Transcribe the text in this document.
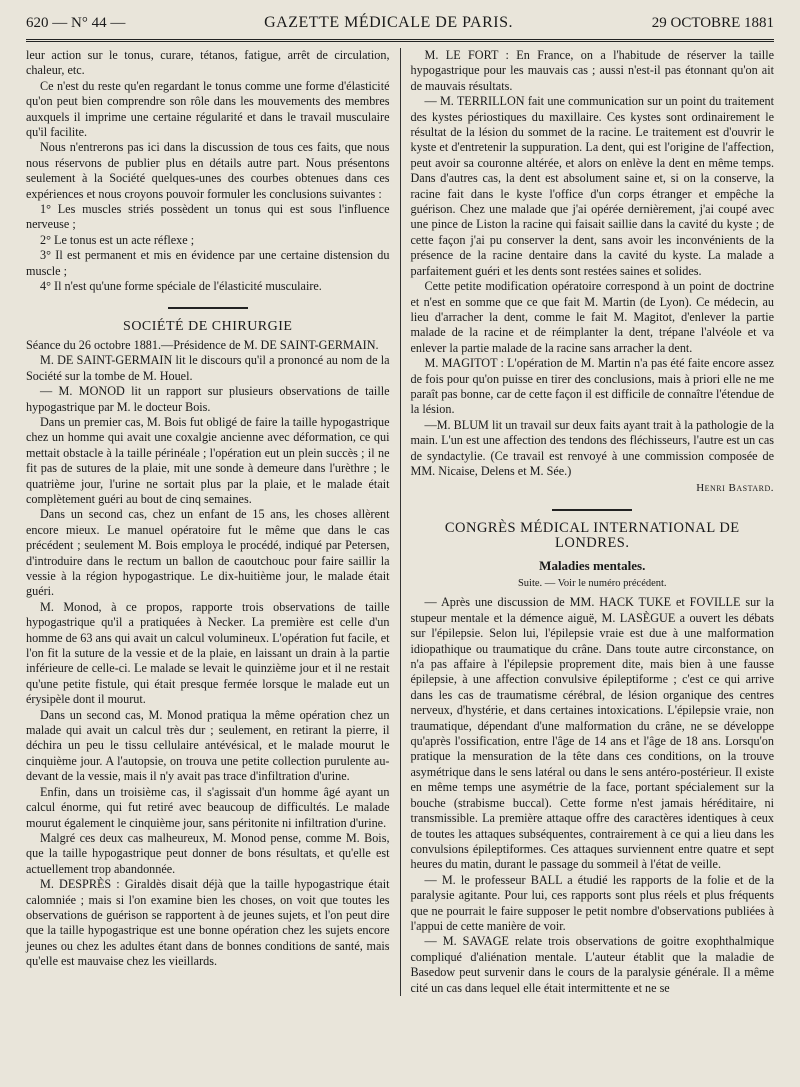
620 — N° 44 —	GAZETTE MÉDICALE DE PARIS.	29 OCTOBRE 1881

leur action sur le tonus, curare, tétanos, fatigue, arrêt de circulation, chaleur, etc.

Ce n'est du reste qu'en regardant le tonus comme une forme d'élasticité qu'on peut bien comprendre son rôle dans les mouvements des membres auxquels il imprime une certaine régularité et dans le travail musculaire qu'il facilite.

Nous n'entrerons pas ici dans la discussion de tous ces faits, que nous nous réservons de publier plus en détails autre part. Nous présentons seulement à la Société quelques-unes des courbes obtenues dans ces expériences et nous croyons pouvoir formuler les conclusions suivantes :

1° Les muscles striés possèdent un tonus qui est sous l'influence nerveuse ;

2° Le tonus est un acte réflexe ;

3° Il est permanent et mis en évidence par une certaine distension du muscle ;

4° Il n'est qu'une forme spéciale de l'élasticité musculaire.

SOCIÉTÉ DE CHIRURGIE

Séance du 26 octobre 1881.—Présidence de M. DE SAINT-GERMAIN.

M. DE SAINT-GERMAIN lit le discours qu'il a prononcé au nom de la Société sur la tombe de M. Houel.

— M. MONOD lit un rapport sur plusieurs observations de taille hypogastrique par M. le docteur Bois.

Dans un premier cas, M. Bois fut obligé de faire la taille hypogastrique chez un homme qui avait une coxalgie ancienne avec déformation, ce qui mettait obstacle à la taille périnéale ; l'opération eut un plein succès ; il ne fit pas de sutures de la plaie, mit une sonde à demeure dans l'urèthre ; le quatrième jour, l'urine ne sortait plus par la plaie, et le malade était complètement guéri au bout de cinq semaines.

Dans un second cas, chez un enfant de 15 ans, les choses allèrent encore mieux. Le manuel opératoire fut le même que dans le cas précédent ; seulement M. Bois employa le procédé, indiqué par Petersen, d'introduire dans le rectum un ballon de caoutchouc pour faire saillir la vessie à la région hypogastrique. Le dix-huitième jour, le malade était guéri.

M. Monod, à ce propos, rapporte trois observations de taille hypogastrique qu'il a pratiquées à Necker. La première est celle d'un homme de 63 ans qui avait un calcul volumineux. L'opération fut facile, et l'on fit la suture de la vessie et de la plaie, en laissant un drain à la partie inférieure de celle-ci. Le malade se levait le quinzième jour et il ne restait qu'une petite fistule, qui était presque fermée lorsque le malade eut un érysipèle dont il mourut.

Dans un second cas, M. Monod pratiqua la même opération chez un malade qui avait un calcul très dur ; seulement, en retirant la pierre, il déchira un peu le tissu cellulaire antévésical, et le malade mourut le cinquième jour. A l'autopsie, on trouva une petite collection purulente au-devant de la vessie, mais il n'y avait pas trace d'infiltration d'urine.

Enfin, dans un troisième cas, il s'agissait d'un homme âgé ayant un calcul énorme, qui fut retiré avec beaucoup de difficultés. Le malade mourut également le cinquième jour, sans péritonite ni infiltration d'urine.

Malgré ces deux cas malheureux, M. Monod pense, comme M. Bois, que la taille hypogastrique peut donner de bons résultats, et qu'elle est actuellement trop abandonnée.

M. DESPRÈS : Giraldès disait déjà que la taille hypogastrique était calomniée ; mais si l'on examine bien les choses, on voit que toutes les observations de guérison se rapportent à de jeunes sujets, et l'on peut dire que la taille hypogastrique est une bonne opération chez les sujets encore jeunes ou chez les adultes étant dans de bonnes conditions de santé, mais qu'elle est mauvaise chez les vieillards.

M. LE FORT : En France, on a l'habitude de réserver la taille hypogastrique pour les mauvais cas ; aussi n'est-il pas étonnant qu'on ait de mauvais résultats.

— M. TERRILLON fait une communication sur un point du traitement des kystes périostiques du maxillaire. Ces kystes sont ordinairement le résultat de la lésion du sommet de la racine. Le traitement est d'ouvrir le kyste et d'entretenir la suppuration. La dent, qui est l'origine de l'affection, peut avoir sa couronne altérée, et alors on enlève la dent en même temps. Dans d'autres cas, la dent est absolument saine et, si on la conserve, la racine fait dans le kyste l'office d'un corps étranger et empêche la guérison. Chez une malade que j'ai opérée dernièrement, j'ai coupé avec une pince de Liston la racine qui faisait saillie dans la cavité du kyste ; de cette façon j'ai pu conserver la dent, sans avoir les inconvénients de la présence de la racine dentaire dans la cavité du kyste. La malade a parfaitement guéri et les dents sont restées saines et solides.

Cette petite modification opératoire correspond à un point de doctrine et n'est en somme que ce que fait M. Martin (de Lyon). Ce médecin, au lieu d'arracher la dent, comme le fait M. Magitot, d'enlever la partie malade de la racine et de réimplanter la dent, trépane l'alvéole et va enlever la partie malade de la racine sans arracher la dent.

M. MAGITOT : L'opération de M. Martin n'a pas été faite encore assez de fois pour qu'on puisse en tirer des conclusions, mais à priori elle ne me paraît pas bonne, car de cette façon il est difficile de connaître l'étendue de la lésion.

—M. BLUM lit un travail sur deux faits ayant trait à la pathologie de la main. L'un est une affection des tendons des fléchisseurs, l'autre est un cas de syndactylie. (Ce travail est renvoyé à une commission composée de MM. Nicaise, Delens et M. Sée.)

Henri Bastard.
CONGRÈS MÉDICAL INTERNATIONAL DE LONDRES.
Maladies mentales.
Suite. — Voir le numéro précédent.

— Après une discussion de MM. HACK TUKE et FOVILLE sur la stupeur mentale et la démence aiguë, M. LASÈGUE a ouvert les débats sur l'épilepsie. Selon lui, l'épilepsie vraie est due à une malformation idiopathique ou traumatique du crâne. Dans toute autre circonstance, on n'a pas affaire à l'épilepsie proprement dite, mais bien à une fausse épilepsie, à une affection convulsive épileptiforme ; c'est ce qui arrive dans les cas de traumatisme cérébral, de lésion organique des centres nerveux, d'hystérie, et dans certaines intoxications. L'épilepsie vraie, non traumatique, dépendant d'une malformation du crâne, ne se développe qu'après l'ossification, entre l'âge de 14 ans et l'âge de 18 ans. Lorsqu'on pratique la mensuration de la tête dans ces conditions, on la trouve asymétrique dans le sens latéral ou dans le sens antéro-postérieur. Il existe en même temps une asymétrie de la face, portant spécialement sur la bouche (strabisme buccal). Cette forme n'est jamais héréditaire, ni transmissible. La première attaque offre des caractères identiques à ceux de toutes les attaques subséquentes, contrairement à ce qui a lieu dans les convulsions épileptiformes. Ces attaques surviennent entre quatre et sept heures du matin, durant le passage du sommeil à l'état de veille.

— M. le professeur BALL a étudié les rapports de la folie et de la paralysie agitante. Pour lui, ces rapports sont plus réels et plus fréquents que ne pourrait le faire supposer le petit nombre d'observations publiées à l'appui de cette manière de voir.

— M. SAVAGE relate trois observations de goitre exophthalmique compliqué d'aliénation mentale. L'auteur établit que la maladie de Basedow peut survenir dans le cours de la paralysie générale. Il a même cité un cas dans lequel elle était intermittente et ne se
